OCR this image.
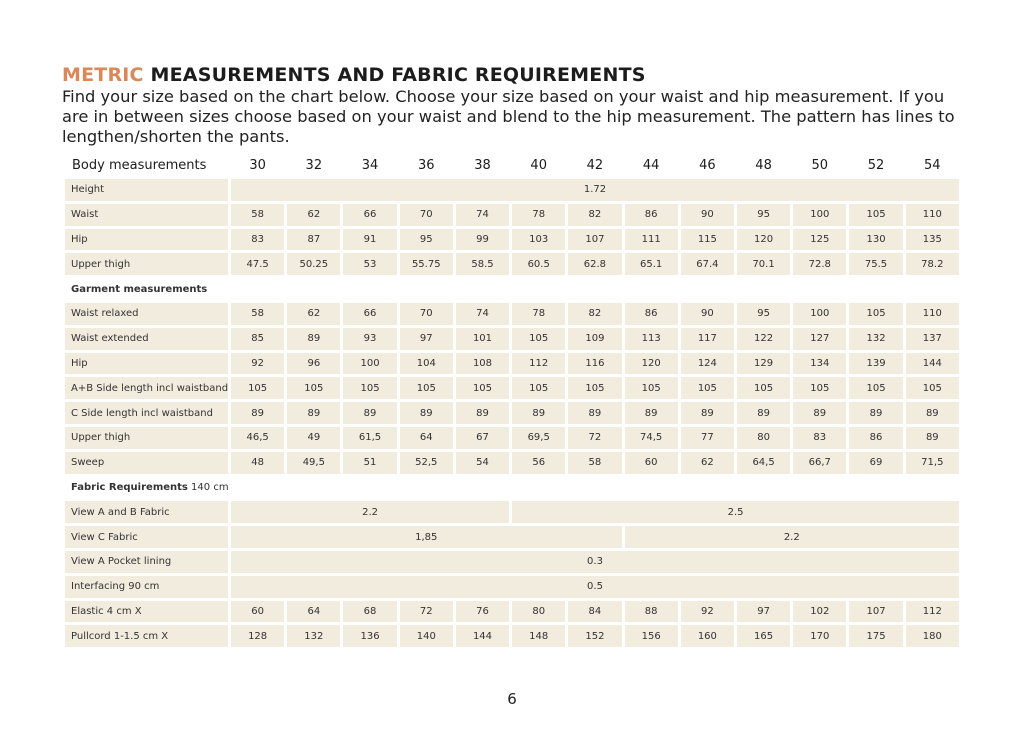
METRIC MEASUREMENTS AND FABRIC REQUIREMENTS
Find your size based on the chart below. Choose your size based on your waist and hip measurement. If you are in between sizes choose based on your waist and blend to the hip measurement. The pattern has lines to lengthen/shorten the pants.
Body measurements	30	32	34	36	38	40	42	44	46	48	50	52	54
Height	1.72												
Waist	58	62	66	70	74	78	82	86	90	95	100	105	110
Hip	83	87	91	95	99	103	107	111	115	120	125	130	135
Upper thigh	47.5	50.25	53	55.75	58.5	60.5	62.8	65.1	67.4	70.1	72.8	75.5	78.2
Garment measurements													
Waist relaxed	58	62	66	70	74	78	82	86	90	95	100	105	110
Waist extended	85	89	93	97	101	105	109	113	117	122	127	132	137
Hip	92	96	100	104	108	112	116	120	124	129	134	139	144
A+B Side length incl waistband	105	105	105	105	105	105	105	105	105	105	105	105	105
C Side length incl waistband	89	89	89	89	89	89	89	89	89	89	89	89	89
Upper thigh	46,5	49	61,5	64	67	69,5	72	74,5	77	80	83	86	89
Sweep	48	49,5	51	52,5	54	56	58	60	62	64,5	66,7	69	71,5
Fabric Requirements 140 cm													
View A and B Fabric	2.2					2.5							
View C Fabric	1,85							2.2					
View A Pocket lining	0.3												
Interfacing 90 cm	0.5												
Elastic 4 cm X	60	64	68	72	76	80	84	88	92	97	102	107	112
Pullcord 1-1.5 cm X	128	132	136	140	144	148	152	156	160	165	170	175	180
6
